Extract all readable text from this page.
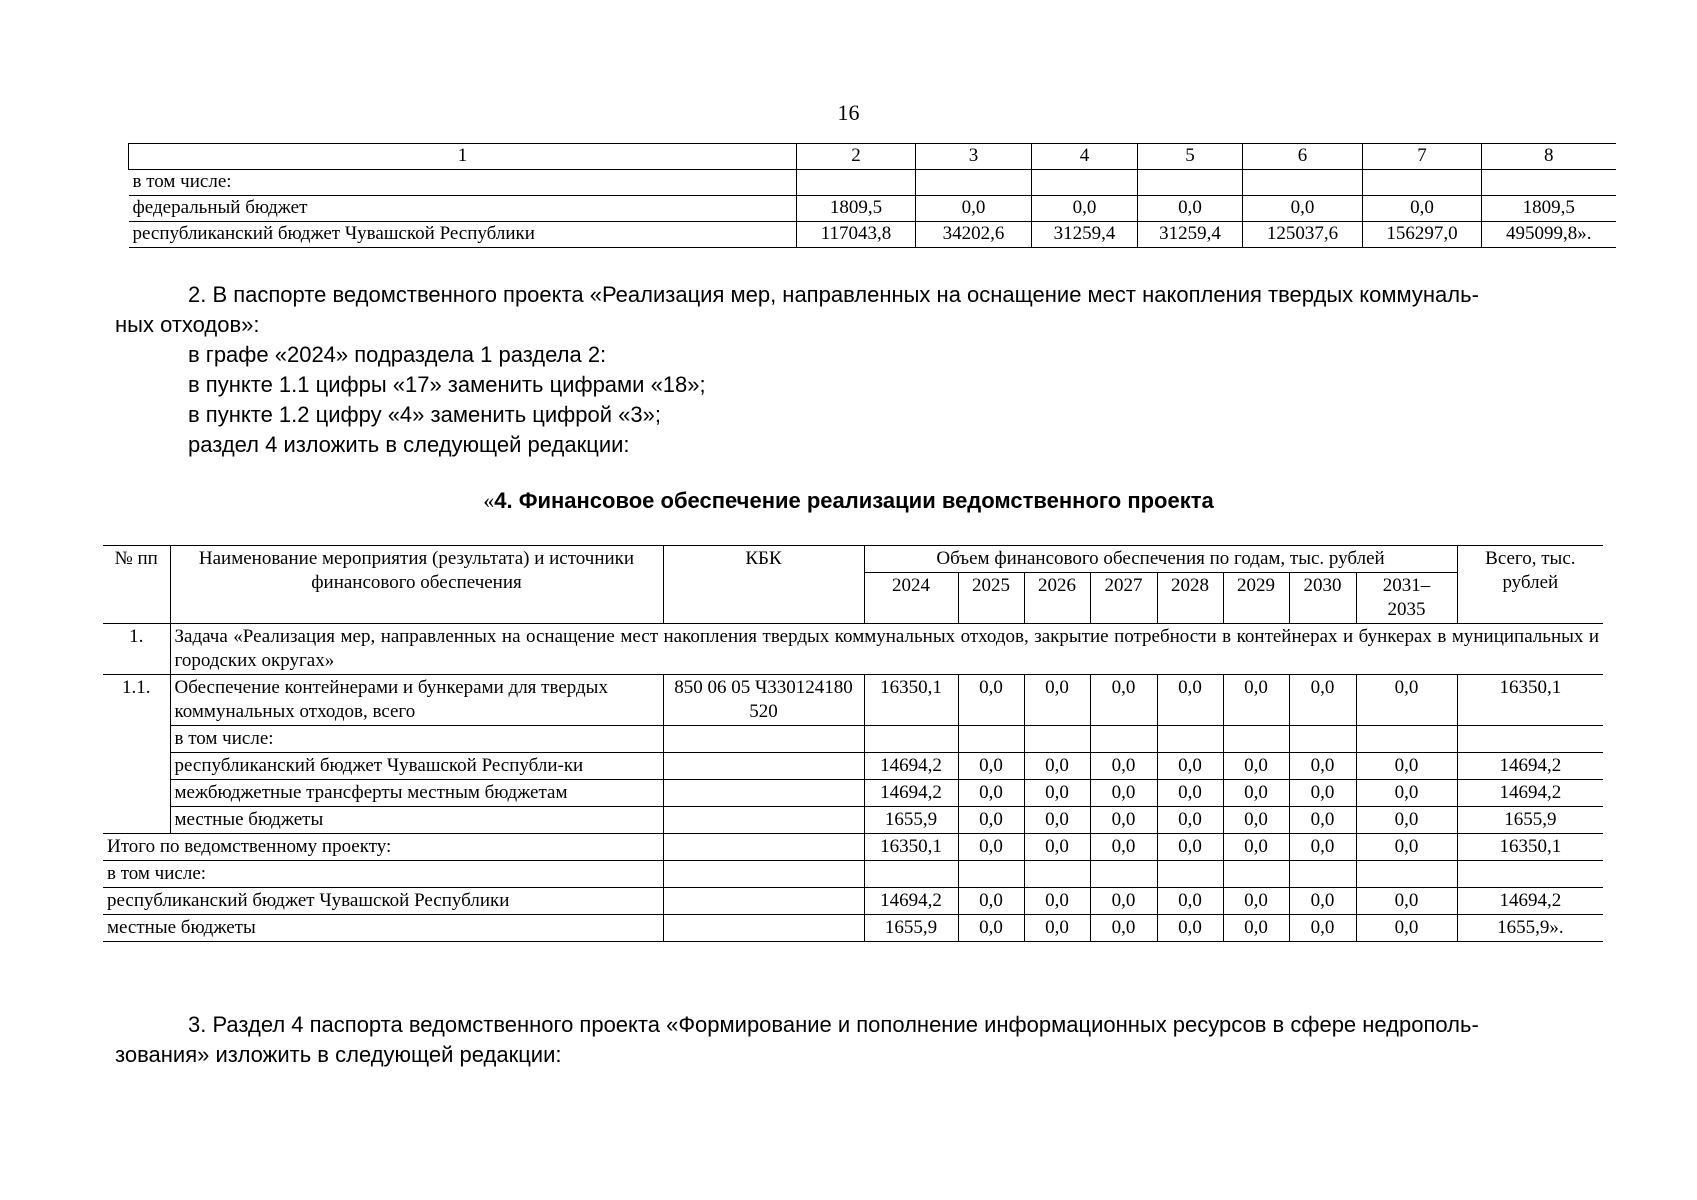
16
1	2	3	4	5	6	7	8
в том числе:							
федеральный бюджет	1809,5	0,0	0,0	0,0	0,0	0,0	1809,5
республиканский бюджет Чувашской Республики	117043,8	34202,6	31259,4	31259,4	125037,6	156297,0	495099,8».
2. В паспорте ведомственного проекта «Реализация мер, направленных на оснащение мест накопления твердых коммуналь-
ных отходов»:
в графе «2024» подраздела 1 раздела 2:
в пункте 1.1 цифры «17» заменить цифрами «18»;
в пункте 1.2 цифру «4» заменить цифрой «3»;
раздел 4 изложить в следующей редакции:
«4. Финансовое обеспечение реализации ведомственного проекта
№ пп	Наименование мероприятия (результата) и источники финансового обеспечения	КБК	Объем финансового обеспечения по годам, тыс. рублей								Всего, тыс. рублей
			2024	2025	2026	2027	2028	2029	2030	2031–2035	
1.	Задача «Реализация мер, направленных на оснащение мест накопления твердых коммунальных отходов, закрытие потребности в контейнерах и бункерах в муниципальных и городских округах»										
1.1.	Обеспечение контейнерами и бункерами для твердых коммунальных отходов, всего	850 06 05 Ч330124180 520	16350,1	0,0	0,0	0,0	0,0	0,0	0,0	0,0	16350,1
	в том числе:										
	республиканский бюджет Чувашской Республи-ки		14694,2	0,0	0,0	0,0	0,0	0,0	0,0	0,0	14694,2
	межбюджетные трансферты местным бюджетам		14694,2	0,0	0,0	0,0	0,0	0,0	0,0	0,0	14694,2
	местные бюджеты		1655,9	0,0	0,0	0,0	0,0	0,0	0,0	0,0	1655,9
Итого по ведомственному проекту:			16350,1	0,0	0,0	0,0	0,0	0,0	0,0	0,0	16350,1
в том числе:											
республиканский бюджет Чувашской Республики			14694,2	0,0	0,0	0,0	0,0	0,0	0,0	0,0	14694,2
местные бюджеты			1655,9	0,0	0,0	0,0	0,0	0,0	0,0	0,0	1655,9».
3. Раздел 4 паспорта ведомственного проекта «Формирование и пополнение информационных ресурсов в сфере недрополь-
зования» изложить в следующей редакции:
